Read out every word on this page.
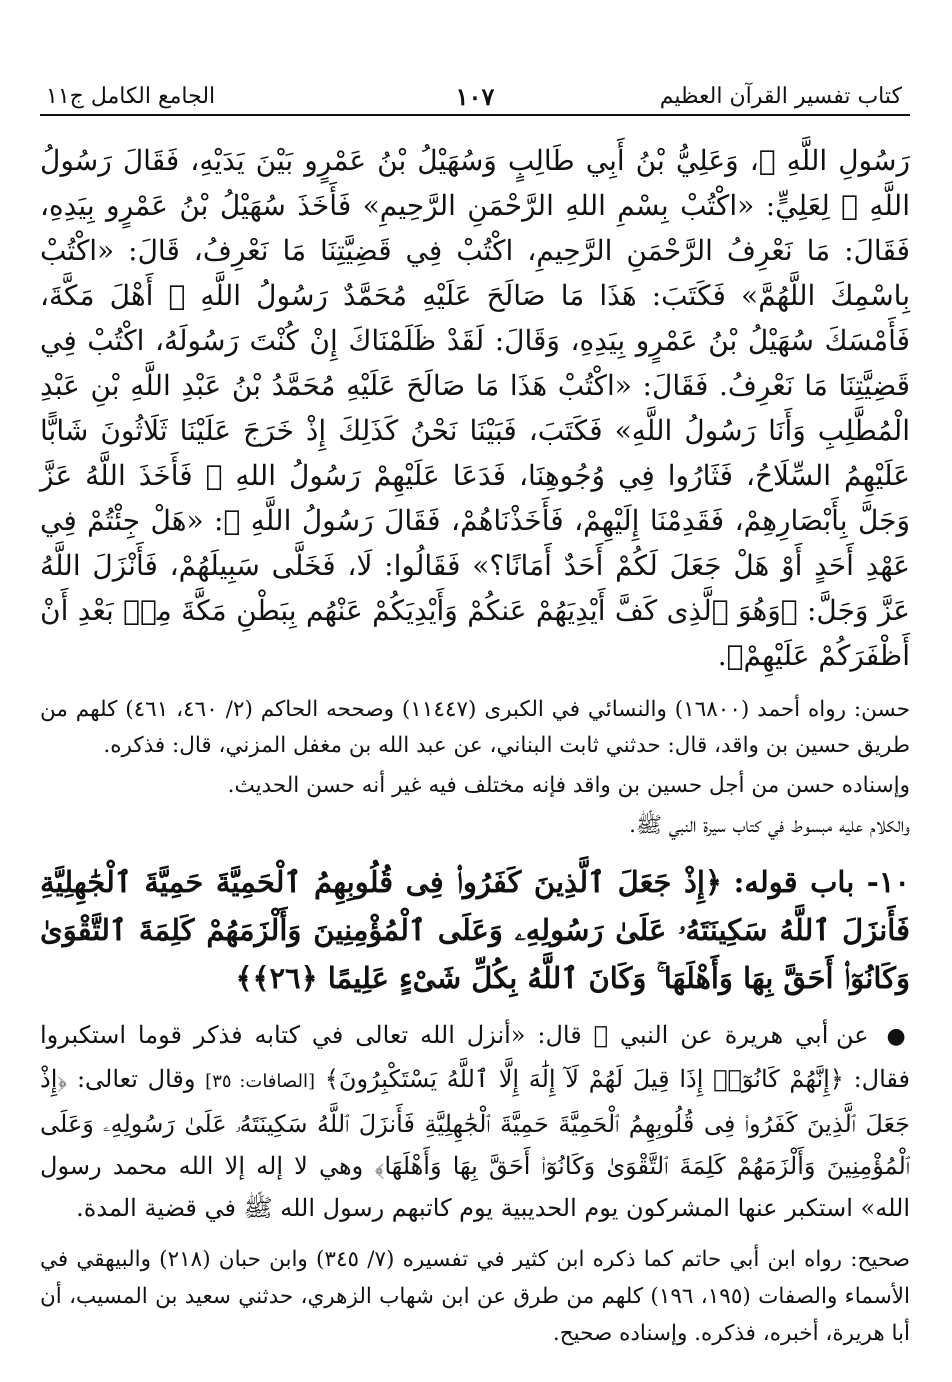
كتاب تفسير القرآن العظيم
١٠٧
الجامع الكامل ج١١
رَسُولِ اللَّهِ ﷺ، وَعَلِيُّ بْنُ أَبِي طَالِبٍ وَسُهَيْلُ بْنُ عَمْرٍو بَيْنَ يَدَيْهِ، فَقَالَ رَسُولُ اللَّهِ ﷺ لِعَلِيٍّ: «اكْتُبْ بِسْمِ اللهِ الرَّحْمَنِ الرَّحِيمِ» فَأَخَذَ سُهَيْلُ بْنُ عَمْرٍو بِيَدِهِ، فَقَالَ: مَا نَعْرِفُ الرَّحْمَنِ الرَّحِيمِ، اكْتُبْ فِي قَضِيَّتِنَا مَا نَعْرِفُ، قَالَ: «اكْتُبْ بِاسْمِكَ اللَّهُمَّ» فَكَتَبَ: هَذَا مَا صَالَحَ عَلَيْهِ مُحَمَّدٌ رَسُولُ اللَّهِ ﷺ أَهْلَ مَكَّةَ، فَأَمْسَكَ سُهَيْلُ بْنُ عَمْرٍو بِيَدِهِ، وَقَالَ: لَقَدْ ظَلَمْنَاكَ إِنْ كُنْتَ رَسُولَهُ، اكْتُبْ فِي قَضِيَّتِنَا مَا نَعْرِفُ. فَقَالَ: «اكْتُبْ هَذَا مَا صَالَحَ عَلَيْهِ مُحَمَّدُ بْنُ عَبْدِ اللَّهِ بْنِ عَبْدِ الْمُطَّلِبِ وَأَنَا رَسُولُ اللَّهِ» فَكَتَبَ، فَبَيْنَا نَحْنُ كَذَلِكَ إِذْ خَرَجَ عَلَيْنَا ثَلَاثُونَ شَابًّا عَلَيْهِمُ السِّلَاحُ، فَثَارُوا فِي وُجُوهِنَا، فَدَعَا عَلَيْهِمْ رَسُولُ اللهِ ﷺ فَأَخَذَ اللَّهُ عَزَّ وَجَلَّ بِأَبْصَارِهِمْ، فَقَدِمْنَا إِلَيْهِمْ، فَأَخَذْنَاهُمْ، فَقَالَ رَسُولُ اللَّهِ ﷺ: «هَلْ جِئْتُمْ فِي عَهْدِ أَحَدٍ أَوْ هَلْ جَعَلَ لَكُمْ أَحَدٌ أَمَانًا؟» فَقَالُوا: لَا، فَخَلَّى سَبِيلَهُمْ، فَأَنْزَلَ اللَّهُ عَزَّ وَجَلَّ: ﴿وَهُوَ ٱلَّذِى كَفَّ أَيْدِيَهُمْ عَنكُمْ وَأَيْدِيَكُمْ عَنْهُم بِبَطْنِ مَكَّةَ مِنۢ بَعْدِ أَنْ أَظْفَرَكُمْ عَلَيْهِمْ﴾.

حسن: رواه أحمد (١٦٨٠٠) والنسائي في الكبرى (١١٤٤٧) وصححه الحاكم (٢/ ٤٦٠، ٤٦١) كلهم من طريق حسين بن واقد، قال: حدثني ثابت البناني، عن عبد الله بن مغفل المزني، قال: فذكره.

وإسناده حسن من أجل حسين بن واقد فإنه مختلف فيه غير أنه حسن الحديث.

والكلام عليه مبسوط في كتاب سيرة النبي ﷺ.

١٠- باب قوله: ﴿إِذْ جَعَلَ ٱلَّذِينَ كَفَرُوا۟ فِى قُلُوبِهِمُ ٱلْحَمِيَّةَ حَمِيَّةَ ٱلْجَٰهِلِيَّةِ فَأَنزَلَ ٱللَّهُ سَكِينَتَهُۥ عَلَىٰ رَسُولِهِۦ وَعَلَى ٱلْمُؤْمِنِينَ وَأَلْزَمَهُمْ كَلِمَةَ ٱلتَّقْوَىٰ وَكَانُوٓا۟ أَحَقَّ بِهَا وَأَهْلَهَا ۚ وَكَانَ ٱللَّهُ بِكُلِّ شَىْءٍ عَلِيمًا ﴿٢٦﴾﴾
● عن أبي هريرة عن النبي ﷺ قال: «أنزل الله تعالى في كتابه فذكر قوما استكبروا فقال: ﴿إِنَّهُمْ كَانُوٓا۟ إِذَا قِيلَ لَهُمْ لَآ إِلَٰهَ إِلَّا ٱللَّهُ يَسْتَكْبِرُونَ﴾ [الصافات: ٣٥] وقال تعالى: ﴿إِذْ جَعَلَ ٱلَّذِينَ كَفَرُوا۟ فِى قُلُوبِهِمُ ٱلْحَمِيَّةَ حَمِيَّةَ ٱلْجَٰهِلِيَّةِ فَأَنزَلَ ٱللَّهُ سَكِينَتَهُۥ عَلَىٰ رَسُولِهِۦ وَعَلَى ٱلْمُؤْمِنِينَ وَأَلْزَمَهُمْ كَلِمَةَ ٱلتَّقْوَىٰ وَكَانُوٓا۟ أَحَقَّ بِهَا وَأَهْلَهَا﴾ وهي لا إله إلا الله محمد رسول الله» استكبر عنها المشركون يوم الحديبية يوم كاتبهم رسول الله ﷺ في قضية المدة.

صحيح: رواه ابن أبي حاتم كما ذكره ابن كثير في تفسيره (٧/ ٣٤٥) وابن حبان (٢١٨) والبيهقي في الأسماء والصفات (١٩٥، ١٩٦) كلهم من طرق عن ابن شهاب الزهري، حدثني سعيد بن المسيب، أن أبا هريرة، أخبره، فذكره. وإسناده صحيح.
